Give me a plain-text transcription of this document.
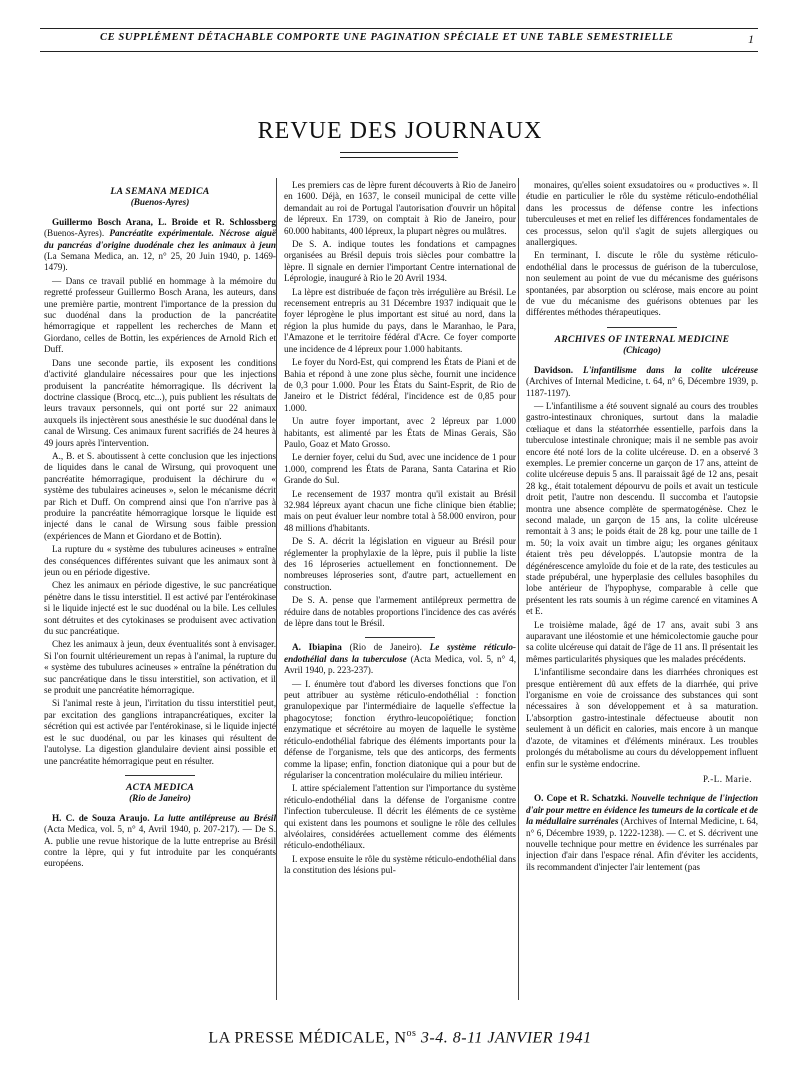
CE SUPPLÉMENT DÉTACHABLE COMPORTE UNE PAGINATION SPÉCIALE ET UNE TABLE SEMESTRIELLE	1
REVUE DES JOURNAUX
LA SEMANA MEDICA
(Buenos-Ayres)

Guillermo Bosch Arana, L. Broide et R. Schlossberg (Buenos-Ayres). Pancréatite expérimentale. Nécrose aiguë du pancréas d'origine duodénale chez les animaux à jeun (La Semana Medica, an. 12, n° 25, 20 Juin 1940, p. 1469-1479).

— Dans ce travail publié en hommage à la mémoire du regretté professeur Guillermo Bosch Arana, les auteurs, dans une première partie, montrent l'importance de la pression du suc duodénal dans la production de la pancréatite hémorragique et rappellent les recherches de Mann et Giordano, celles de Bottin, les expériences de Arnold Rich et Duff.

Dans une seconde partie, ils exposent les conditions d'activité glandulaire nécessaires pour que les injections produisent la pancréatite hémorragique. Ils décrivent la doctrine classique (Brocq, etc...), puis publient les résultats de leurs travaux personnels, qui ont porté sur 22 animaux auxquels ils injectèrent sous anesthésie le suc duodénal dans le canal de Wirsung. Ces animaux furent sacrifiés de 24 heures à 49 jours après l'intervention.

A., B. et S. aboutissent à cette conclusion que les injections de liquides dans le canal de Wirsung, qui provoquent une pancréatite hémorragique, produisent la déchirure du « système des tubulaires acineuses », selon le mécanisme décrit par Rich et Duff. On comprend ainsi que l'on n'arrive pas à produire la pancréatite hémorragique lorsque le liquide est injecté dans le canal de Wirsung sous faible pression (expériences de Mann et Giordano et de Bottin).

La rupture du « système des tubulures acineuses » entraîne des conséquences différentes suivant que les animaux sont à jeun ou en période digestive.

Chez les animaux en période digestive, le suc pancréatique pénètre dans le tissu interstitiel. Il est activé par l'entérokinase si le liquide injecté est le suc duodénal ou la bile. Les cellules sont détruites et des cytokinases se produisent avec activation du suc pancréatique.

Chez les animaux à jeun, deux éventualités sont à envisager. Si l'on fournit ultérieurement un repas à l'animal, la rupture du « système des tubulures acineuses » entraîne la pénétration du suc pancréatique dans le tissu interstitiel, son activation, et il se produit une pancréatite hémorragique.

Si l'animal reste à jeun, l'irritation du tissu interstitiel peut, par excitation des ganglions intrapancréatiques, exciter la sécrétion qui est activée par l'entérokinase, si le liquide injecté est le suc duodénal, ou par les kinases qui résultent de l'autolyse. La digestion glandulaire devient ainsi possible et une pancréatite hémorragique peut en résulter.

ACTA MEDICA
(Rio de Janeiro)

H. C. de Souza Araujo. La lutte antilépreuse au Brésil (Acta Medica, vol. 5, n° 4, Avril 1940, p. 207-217). — De S. A. publie une revue historique de la lutte entreprise au Brésil contre la lèpre, qui y fut introduite par les conquérants européens.

Les premiers cas de lèpre furent découverts à Rio de Janeiro en 1600. Déjà, en 1637, le conseil municipal de cette ville demandait au roi de Portugal l'autorisation d'ouvrir un hôpital de lépreux. En 1739, on comptait à Rio de Janeiro, pour 60.000 habitants, 400 lépreux, la plupart nègres ou mulâtres.

De S. A. indique toutes les fondations et campagnes organisées au Brésil depuis trois siècles pour combattre la lèpre. Il signale en dernier l'important Centre international de Léprologie, inauguré à Rio le 20 Avril 1934.

La lèpre est distribuée de façon très irrégulière au Brésil. Le recensement entrepris au 31 Décembre 1937 indiquait que le foyer léprogène le plus important est situé au nord, dans la région la plus humide du pays, dans le Maranhao, le Para, l'Amazone et le territoire fédéral d'Acre. Ce foyer comporte une incidence de 4 lépreux pour 1.000 habitants.

Le foyer du Nord-Est, qui comprend les États de Piani et de Bahia et répond à une zone plus sèche, fournit une incidence de 0,3 pour 1.000. Pour les États du Saint-Esprit, de Rio de Janeiro et le District fédéral, l'incidence est de 0,85 pour 1.000.

Un autre foyer important, avec 2 lépreux par 1.000 habitants, est alimenté par les États de Minas Gerais, São Paulo, Goaz et Mato Grosso.

Le dernier foyer, celui du Sud, avec une incidence de 1 pour 1.000, comprend les États de Parana, Santa Catarina et Rio Grande do Sul.

Le recensement de 1937 montra qu'il existait au Brésil 32.984 lépreux ayant chacun une fiche clinique bien établie; mais on peut évaluer leur nombre total à 58.000 environ, pour 48 millions d'habitants.

De S. A. décrit la législation en vigueur au Brésil pour réglementer la prophylaxie de la lèpre, puis il publie la liste des 16 léproseries actuellement en fonctionnement. De nombreuses léproseries sont, d'autre part, actuellement en construction.

De S. A. pense que l'armement antilépreux permettra de réduire dans de notables proportions l'incidence des cas avérés de lèpre dans tout le Brésil.

A. Ibiapina (Rio de Janeiro). Le système réticulo-endothélial dans la tuberculose (Acta Medica, vol. 5, n° 4, Avril 1940, p. 223-237).

— I. énumère tout d'abord les diverses fonctions que l'on peut attribuer au système réticulo-endothélial : fonction granulopexique par l'intermédiaire de laquelle s'effectue la phagocytose; fonction érythro-leucopoïétique; fonction enzymatique et sécrétoire au moyen de laquelle le système réticulo-endothélial fabrique des éléments importants pour la défense de l'organisme, tels que des anticorps, des ferments comme la lipase; enfin, fonction diatonique qui a pour but de régulariser la concentration moléculaire du milieu intérieur.

I. attire spécialement l'attention sur l'importance du système réticulo-endothélial dans la défense de l'organisme contre l'infection tuberculeuse. Il décrit les éléments de ce système qui existent dans les poumons et souligne le rôle des cellules alvéolaires, considérées actuellement comme des éléments réticulo-endothéliaux.

I. expose ensuite le rôle du système réticulo-endothélial dans la constitution des lésions pul-

monaires, qu'elles soient exsudatoires ou « productives ». Il étudie en particulier le rôle du système réticulo-endothélial dans les processus de défense contre les infections tuberculeuses et met en relief les différences fondamentales de ces processus, selon qu'il s'agit de sujets allergiques ou anallergiques.

En terminant, I. discute le rôle du système réticulo-endothélial dans le processus de guérison de la tuberculose, non seulement au point de vue du mécanisme des guérisons spontanées, par absorption ou sclérose, mais encore au point de vue du mécanisme des guérisons obtenues par les différentes méthodes thérapeutiques.

ARCHIVES OF INTERNAL MEDICINE
(Chicago)

Davidson. L'infantilisme dans la colite ulcéreuse (Archives of Internal Medicine, t. 64, n° 6, Décembre 1939, p. 1187-1197).

— L'infantilisme a été souvent signalé au cours des troubles gastro-intestinaux chroniques, surtout dans la maladie cœliaque et dans la stéatorrhée essentielle, parfois dans la tuberculose intestinale chronique; mais il ne semble pas avoir encore été noté lors de la colite ulcéreuse. D. en a observé 3 exemples. Le premier concerne un garçon de 17 ans, atteint de colite ulcéreuse depuis 5 ans. Il paraissait âgé de 12 ans, pesait 28 kg., était totalement dépourvu de poils et avait un testicule droit petit, l'autre non descendu. Il succomba et l'autopsie montra une absence complète de spermatogénèse. Chez le second malade, un garçon de 15 ans, la colite ulcéreuse remontait à 3 ans; le poids était de 28 kg. pour une taille de 1 m. 50; la voix avait un timbre aigu; les organes génitaux étaient très peu développés. L'autopsie montra de la dégénérescence amyloïde du foie et de la rate, des testicules au stade prépubéral, une hyperplasie des cellules basophiles du lobe antérieur de l'hypophyse, comparable à celle que présentent les rats soumis à un régime carencé en vitamines A et E.

Le troisième malade, âgé de 17 ans, avait subi 3 ans auparavant une iléostomie et une hémicolectomie gauche pour sa colite ulcéreuse qui datait de l'âge de 11 ans. Il présentait les mêmes particularités physiques que les malades précédents.

L'infantilisme secondaire dans les diarrhées chroniques est presque entièrement dû aux effets de la diarrhée, qui prive l'organisme en voie de croissance des substances qui sont nécessaires à son développement et à sa maturation. L'absorption gastro-intestinale défectueuse aboutit non seulement à un déficit en calories, mais encore à un manque d'azote, de vitamines et d'éléments minéraux. Les troubles prolongés du métabolisme au cours du développement influent enfin sur le système endocrine.

P.-L. Marie.

O. Cope et R. Schatzki. Nouvelle technique de l'injection d'air pour mettre en évidence les tumeurs de la corticale et de la médullaire surrénales (Archives of Internal Medicine, t. 64, n° 6, Décembre 1939, p. 1222-1238). — C. et S. décrivent une nouvelle technique pour mettre en évidence les surrénales par injection d'air dans l'espace rénal. Afin d'éviter les accidents, ils recommandent d'injecter l'air lentement (pas

LA PRESSE MÉDICALE, $N^{os}$ 3-4. 8-11 JANVIER 1941
